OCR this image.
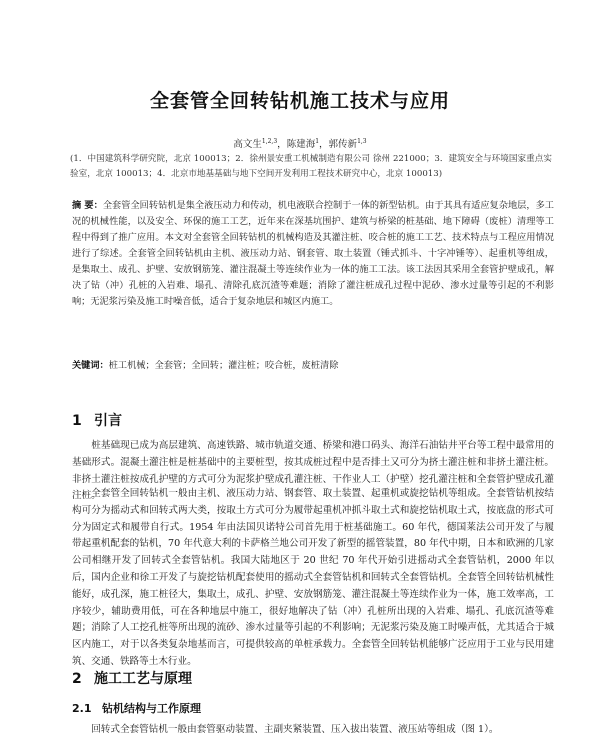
全套管全回转钻机施工技术与应用
高文生$^{1,2,3}$，陈建海$^1$，郭传新$^{1,3}$
(1．中国建筑科学研究院，北京 100013；2．徐州景安重工机械制造有限公司 徐州 221000；3．建筑安全与环境国家重点实验室，北京 100013；4．北京市地基基础与地下空间开发利用工程技术研究中心，北京 100013)
摘 要：全套管全回转钻机是集全液压动力和传动，机电液联合控制于一体的新型钻机。由于其具有适应复杂地层，多工况的机械性能，以及安全、环保的施工工艺，近年来在深基坑围护、建筑与桥梁的桩基础、地下障碍（废桩）清理等工程中得到了推广应用。本文对全套管全回转钻机的机械构造及其灌注桩、咬合桩的施工工艺、技术特点与工程应用情况进行了综述。全套管全回转钻机由主机、液压动力站、钢套管、取土装置（锤式抓斗、十字冲锤等）、起重机等组成，是集取土、成孔、护壁、安放钢筋笼、灌注混凝土等连续作业为一体的施工工法。该工法因其采用全套管护壁成孔，解决了钻（冲）孔桩的入岩难、塌孔、清除孔底沉渣等难题；消除了灌注桩成孔过程中泥砂、渗水过量等引起的不利影响；无泥浆污染及施工时噪音低，适合于复杂地层和城区内施工。
关键词：桩工机械；全套管；全回转；灌注桩；咬合桩，废桩清除
1 引言
桩基础现已成为高层建筑、高速铁路、城市轨道交通、桥梁和港口码头、海洋石油钻井平台等工程中最常用的基础形式。混凝土灌注桩是桩基础中的主要桩型，按其成桩过程中是否排土又可分为挤土灌注桩和非挤土灌注桩。非挤土灌注桩按成孔护壁的方式可分为泥浆护壁成孔灌注桩、干作业人工（护壁）挖孔灌注桩和全套管护壁成孔灌注桩。
全套管全回转钻机一般由主机、液压动力站、钢套管、取土装置、起重机或旋挖钻机等组成。全套管钻机按结构可分为摇动式和回转式两大类，按取土方式可分为履带起重机冲抓斗取土式和旋挖钻机取土式，按底盘的形式可分为固定式和履带自行式。1954 年由法国贝诺特公司首先用于桩基础施工。60 年代，德国莱法公司开发了与履带起重机配套的钻机，70 年代意大利的卡萨格兰地公司开发了新型的摇管装置，80 年代中期，日本和欧洲的几家公司相继开发了回转式全套管钻机。我国大陆地区于 20 世纪 70 年代开始引进摇动式全套管钻机，2000 年以后，国内企业和徐工开发了与旋挖钻机配套使用的摇动式全套管钻机和回转式全套管钻机。全套管全回转钻机械性能好，成孔深，施工桩径大，集取土，成孔、护壁、安放钢筋笼、灌注混凝土等连续作业为一体，施工效率高，工序较少，辅助费用低，可在各种地层中施工，很好地解决了钻（冲）孔桩所出现的入岩难、塌孔、孔底沉渣等难题；消除了人工挖孔桩等所出现的流砂、渗水过量等引起的不利影响；无泥浆污染及施工时噪声低，尤其适合于城区内施工，对于以各类复杂地基而言，可提供较高的单桩承载力。全套管全回转钻机能够广泛应用于工业与民用建筑、交通、铁路等土木行业。
2 施工工艺与原理
2.1 钻机结构与工作原理
回转式全套管钻机一般由套管驱动装置、主副夹紧装置、压入拔出装置、液压站等组成（图 1）。
